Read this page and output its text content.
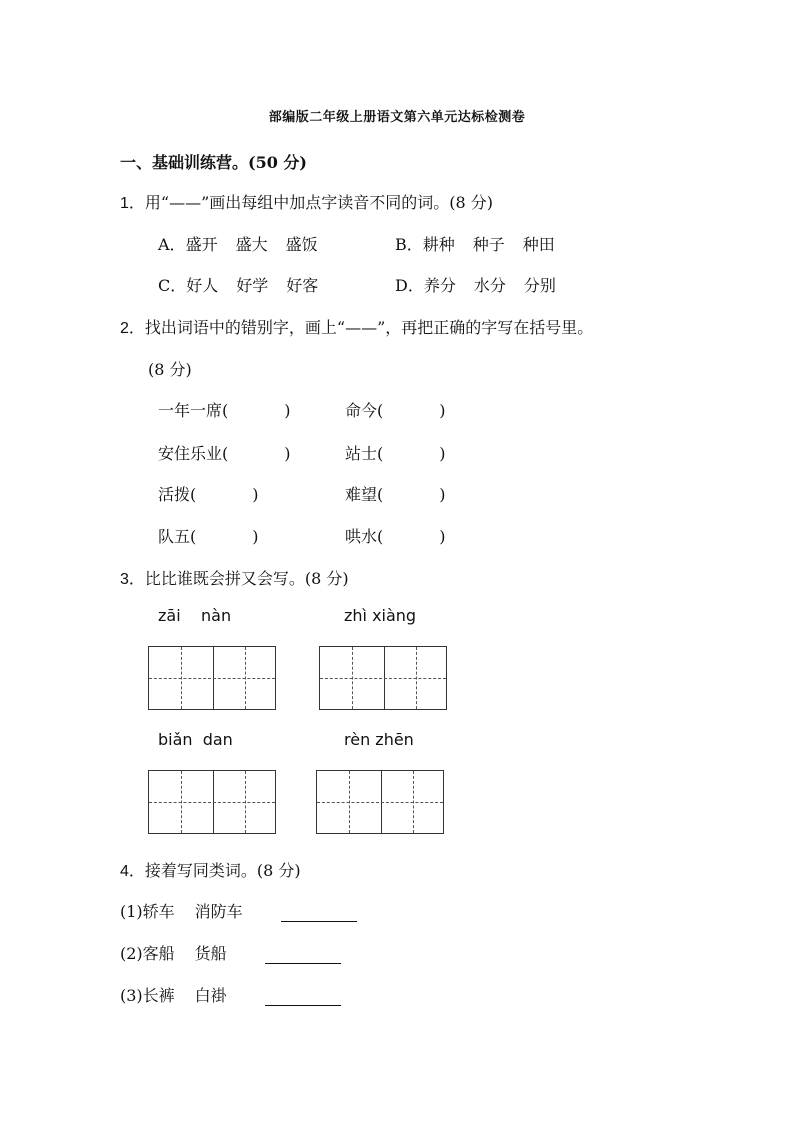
部编版二年级上册语文第六单元达标检测卷
一、基础训练营。(50 分)
1．用“——”画出每组中加点字读音不同的词。(8 分)
A．盛开 盛大 盛饭	B．耕种 种子 种田
C．好人 好学 好客	D．养分 水分 分别
2．找出词语中的错别字，画上“——”，再把正确的字写在括号里。
(8 分)
一年一席(	)	命今(	)
安住乐业(	)	站士(	)
活拨(	)	难望(	)
队五(	)	哄水(	)
3．比比谁既会拼又会写。(8 分)
zāi    nàn	zhì xiàng
biǎn  dan	rèn zhēn
4．接着写同类词。(8 分)
(1)轿车 消防车
(2)客船 货船
(3)长裤 白褂
